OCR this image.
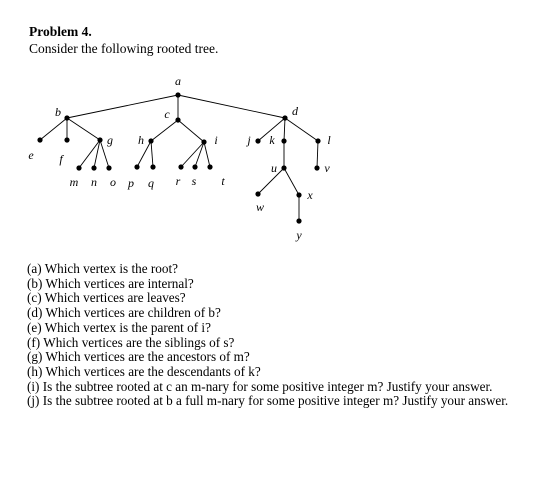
Problem 4.
Consider the following rooted tree.
a
b	c	d
e f
g h	i j k	l
m n o p q r s t
u	v
w
x
y
(a) Which vertex is the root?
(b) Which vertices are internal?
(c) Which vertices are leaves?
(d) Which vertices are children of b?
(e) Which vertex is the parent of i?
(f) Which vertices are the siblings of s?
(g) Which vertices are the ancestors of m?
(h) Which vertices are the descendants of k?
(i) Is the subtree rooted at c an m-nary for some positive integer m? Justify your answer.
(j) Is the subtree rooted at b a full m-nary for some positive integer m? Justify your answer.
